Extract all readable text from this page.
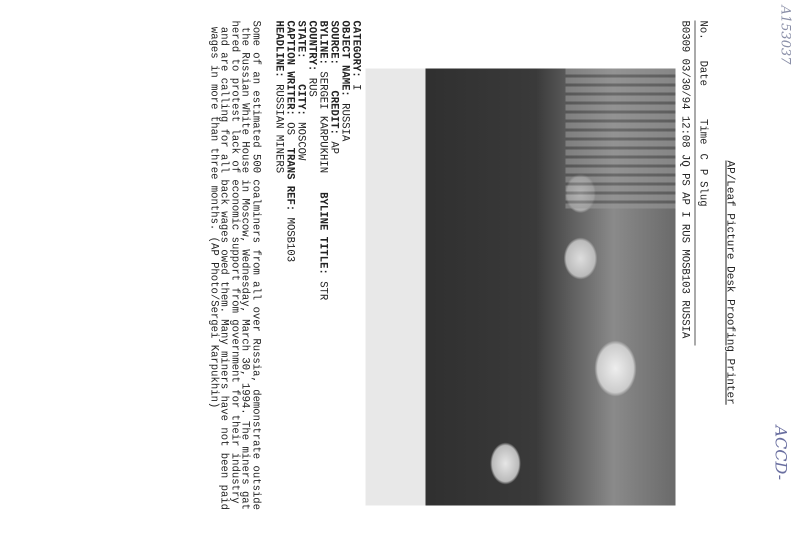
A153037
ACCD-
AP/Leaf Picture Desk Proofing Printer
No.DateTimeCPSlug
B0309 03/30/94 12:08 JQ PS AP I RUS MOSB103 RUSSIA
CATEGORY: I
OBJECT NAME: RUSSIA
SOURCE:    CREDIT: AP
BYLINE: SERGEI KARPUKHIN   BYLINE TITLE: STR
COUNTRY: RUS
STATE:    CITY: MOSCOW
CAPTION WRITER: OS  TRANS REF: MOSB103
HEADLINE: RUSSIAN MINERS
Some of an estimated 500 coalminers from all over Russia, demonstrate outside
the Russian White House in Moscow, Wednesday, March 30, 1994. The miners gat
hered to protest lack of economic support from government for their industry
and are calling for all back wages owed them. Many miners have not been paid
wages in more than three months. (AP Photo/Sergei Karpukhin)
